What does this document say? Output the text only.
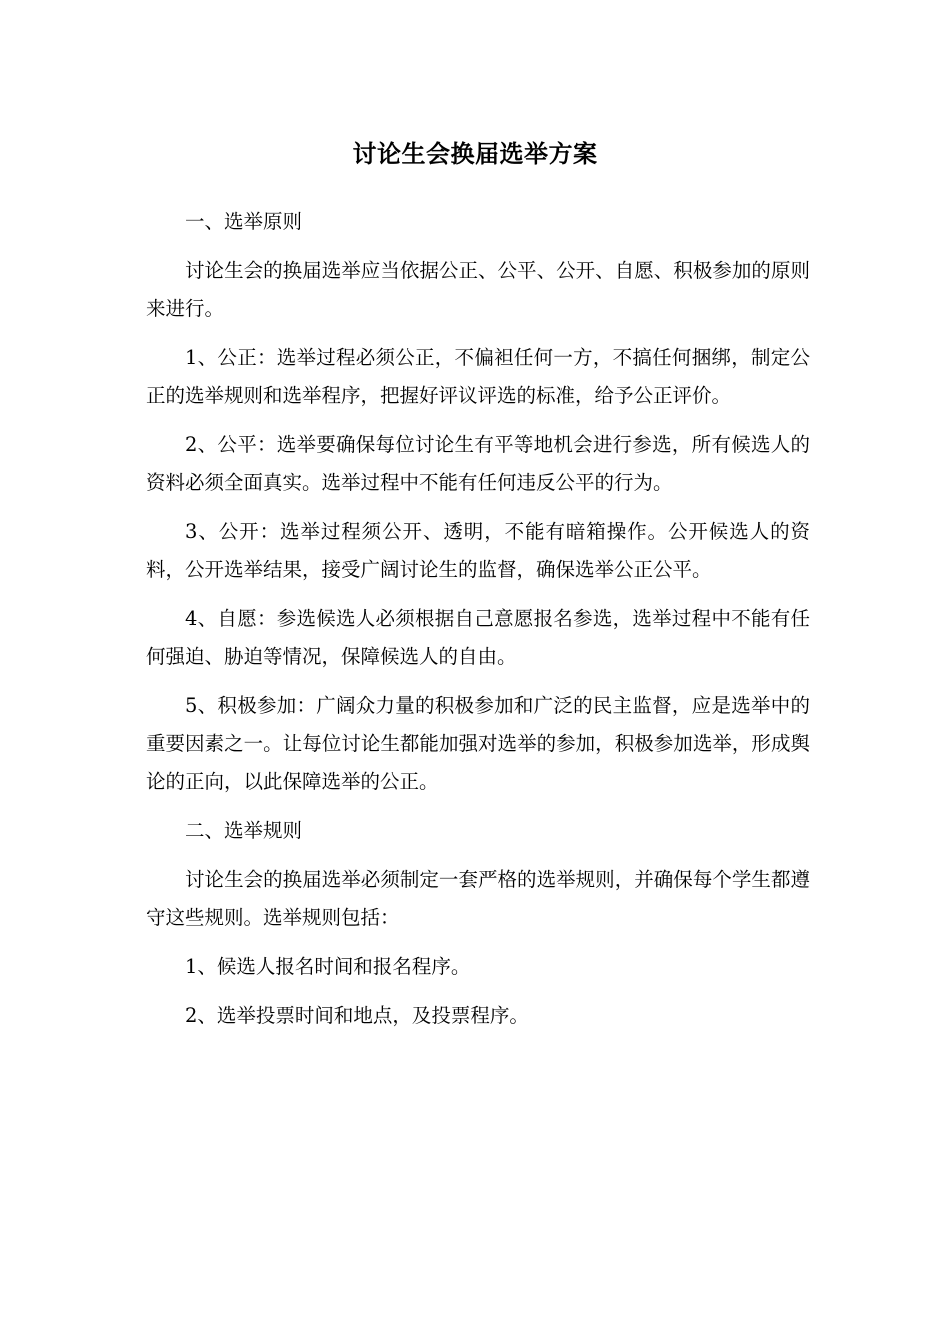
讨论生会换届选举方案

一、选举原则

讨论生会的换届选举应当依据公正、公平、公开、自愿、积极参加的原则来进行。

1、公正：选举过程必须公正，不偏袒任何一方，不搞任何捆绑，制定公正的选举规则和选举程序，把握好评议评选的标准，给予公正评价。

2、公平：选举要确保每位讨论生有平等地机会进行参选，所有候选人的资料必须全面真实。选举过程中不能有任何违反公平的行为。

3、公开：选举过程须公开、透明，不能有暗箱操作。公开候选人的资料，公开选举结果，接受广阔讨论生的监督，确保选举公正公平。

4、自愿：参选候选人必须根据自己意愿报名参选，选举过程中不能有任何强迫、胁迫等情况，保障候选人的自由。

5、积极参加：广阔众力量的积极参加和广泛的民主监督，应是选举中的重要因素之一。让每位讨论生都能加强对选举的参加，积极参加选举，形成舆论的正向，以此保障选举的公正。

二、选举规则

讨论生会的换届选举必须制定一套严格的选举规则，并确保每个学生都遵守这些规则。选举规则包括：

1、候选人报名时间和报名程序。

2、选举投票时间和地点，及投票程序。
